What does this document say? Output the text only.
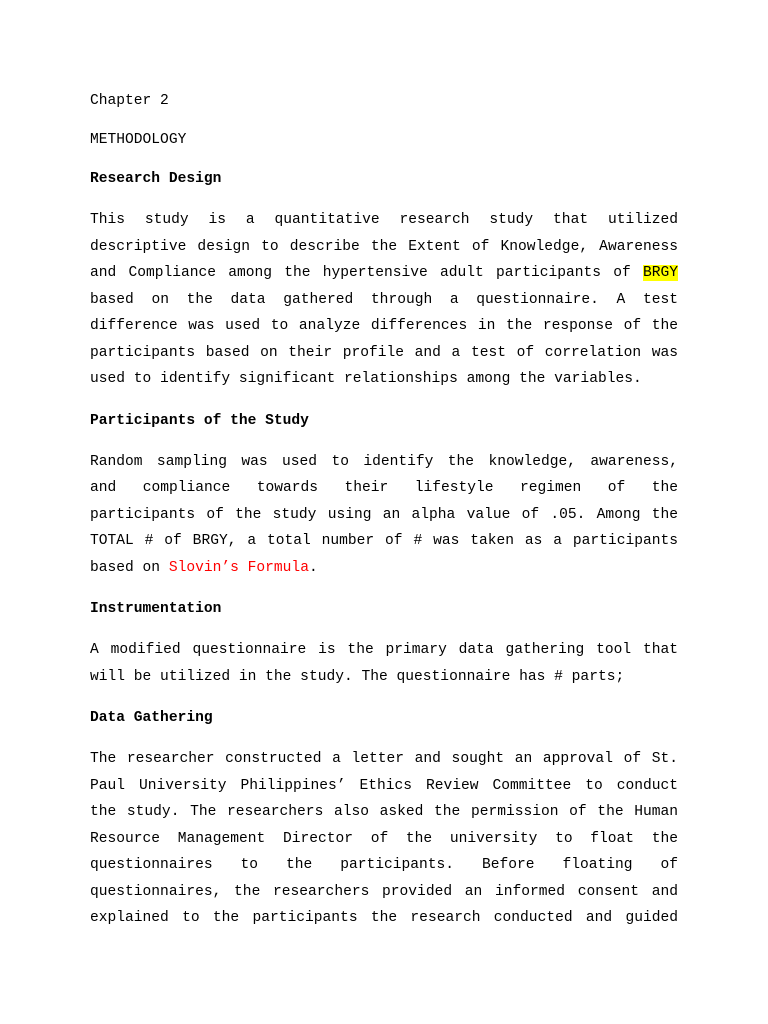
Chapter 2
METHODOLOGY
Research Design
This study is a quantitative research study that utilized
descriptive design to describe the Extent of Knowledge, Awareness
and Compliance among the hypertensive adult participants of BRGY
based on the data gathered through a questionnaire. A test
difference was used to analyze differences in the response of the
participants based on their profile and a test of correlation was
used to identify significant relationships among the variables.
Participants of the Study
Random sampling was used to identify the knowledge, awareness,
and compliance towards their lifestyle regimen of the
participants of the study using an alpha value of .05. Among the
TOTAL # of BRGY, a total number of # was taken as a participants
based on Slovin’s Formula.
Instrumentation
A modified questionnaire is the primary data gathering tool that
will be utilized in the study. The questionnaire has # parts;
Data Gathering
The researcher constructed a letter and sought an approval of St.
Paul University Philippines’ Ethics Review Committee to conduct
the study. The researchers also asked the permission of the Human
Resource Management Director of the university to float the
questionnaires to the participants. Before floating of
questionnaires, the researchers provided an informed consent and
explained to the participants the research conducted and guided
